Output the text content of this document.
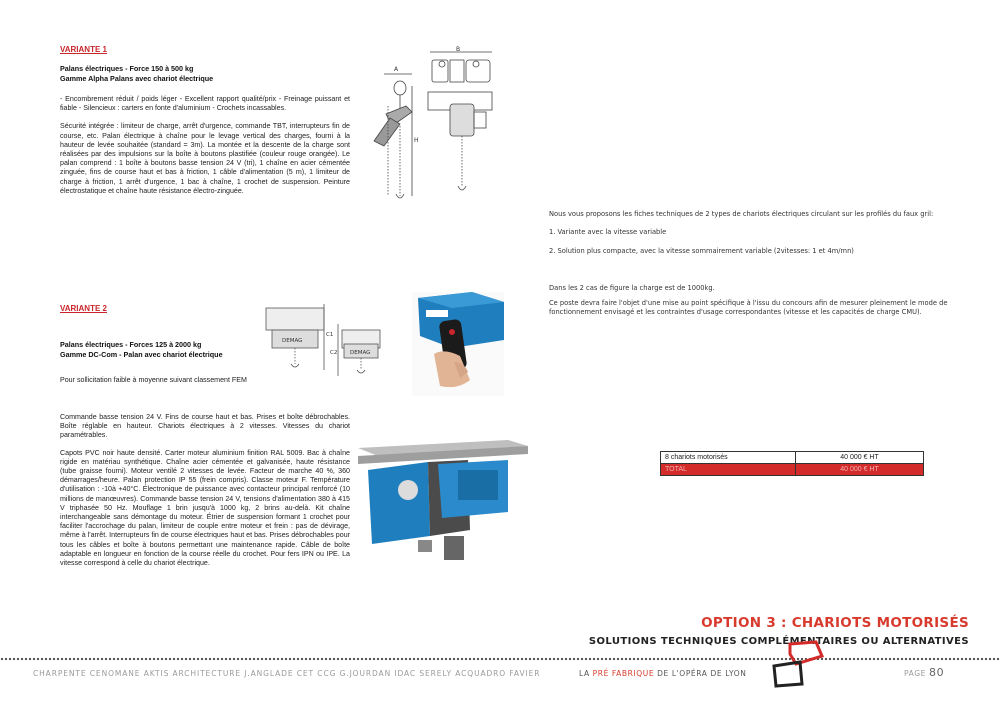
VARIANTE 1
Palans électriques - Force 150 à 500 kg
Gamme Alpha Palans avec chariot électrique

- Encombrement réduit / poids léger - Excellent rapport qualité/prix - Freinage puissant et fiable - Silencieux : carters en fonte d'aluminium - Crochets incassables.

Sécurité intégrée : limiteur de charge, arrêt d'urgence, commande TBT, interrupteurs fin de course, etc. Palan électrique à chaîne pour le levage vertical des charges, fourni à la hauteur de levée souhaitée (standard = 3m). La montée et la descente de la charge sont réalisées par des impulsions sur la boîte à boutons plastifiée (couleur rouge orangée). Le palan comprend : 1 boîte à boutons basse tension 24 V (tri), 1 chaîne en acier cémentée zinguée, fins de course haut et bas à friction, 1 câble d'alimentation (5 m), 1 limiteur de charge à friction, 1 arrêt d'urgence, 1 bac à chaîne, 1 crochet de suspension. Peinture électrostatique et chaîne haute résistance électro-zinguée.

A
H
B
VARIANTE 2
Palans électriques - Forces 125 à 2000 kg
Gamme DC-Com - Palan avec chariot électrique
Pour sollicitation faible à moyenne suivant classement FEM
DEMAG
C1
DEMAG
C2

Commande basse tension 24 V. Fins de course haut et bas. Prises et boîte débrochables. Boîte réglable en hauteur. Chariots électriques à 2 vitesses. Vitesses du chariot paramétrables.

Capots PVC noir haute densité. Carter moteur aluminium finition RAL 5009. Bac à chaîne rigide en matériau synthétique. Chaîne acier cémentée et galvanisée, haute résistance (tube graisse fourni). Moteur ventilé 2 vitesses de levée. Facteur de marche 40 %, 360 démarrages/heure. Palan protection IP 55 (frein compris). Classe moteur F. Température d'utilisation : -10à +40°C. Électronique de puissance avec contacteur principal renforcé (10 millions de manœuvres). Commande basse tension 24 V, tensions d'alimentation 380 à 415 V triphasée 50 Hz. Mouflage 1 brin jusqu'à 1000 kg, 2 brins au-delà. Kit chaîne interchangeable sans démontage du moteur. Étrier de suspension formant 1 crochet pour faciliter l'accrochage du palan, limiteur de couple entre moteur et frein : pas de dévirage, même à l'arrêt. Interrupteurs fin de course électriques haut et bas. Prises débrochables pour tous les câbles et boîte à boutons permettant une maintenance rapide. Câble de boîte adaptable en longueur en fonction de la course réelle du crochet. Pour fers IPN ou IPE. La vitesse correspond à celle du chariot électrique.

Nous vous proposons les fiches techniques de 2 types de chariots électriques circulant sur les profilés du faux gril:
1. Variante avec la vitesse variable
2. Solution plus compacte, avec la vitesse sommairement variable (2vitesses: 1 et 4m/mn)
Dans les 2 cas de figure la charge est de 1000kg.
Ce poste devra faire l'objet d'une mise au point spécifique à l'issu du concours afin de mesurer pleinement le mode de fonctionnement envisagé et les contraintes d'usage correspondantes (vitesse et les capacités de charge CMU).
8 chariots motorisés	40 000 € HT
TOTAL	40 000 € HT
OPTION 3 : CHARIOTS MOTORISÉS
SOLUTIONS TECHNIQUES COMPLÉMENTAIRES OU ALTERNATIVES
CHARPENTE CENOMANE AKTIS ARCHITECTURE J.ANGLADE CET CCG G.JOURDAN IDAC SERELY ACQUADRO FAVIER	LA PRÉ FABRIQUE DE L'OPÉRA DE LYON	PAGE 80
